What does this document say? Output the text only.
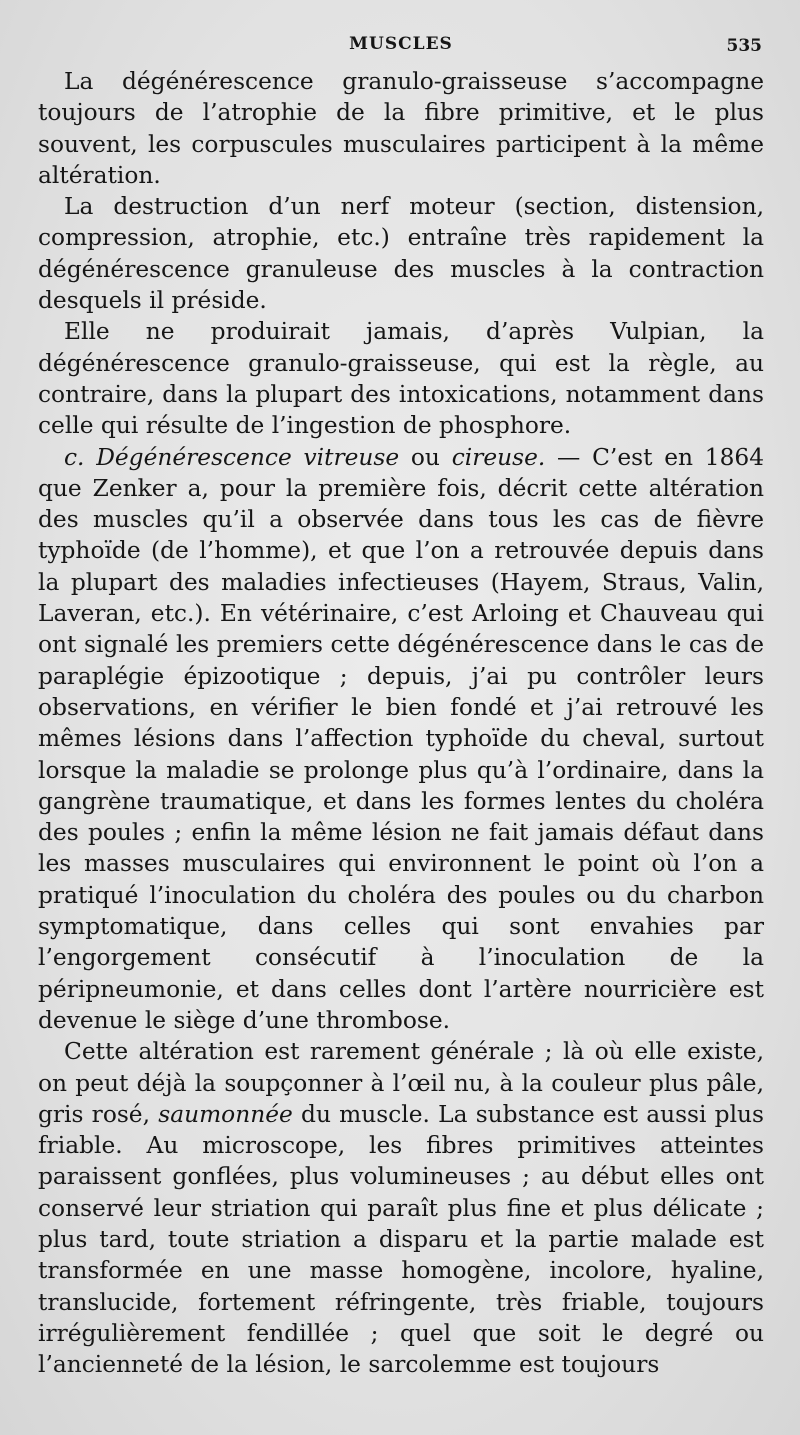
MUSCLES	535

La dégénérescence granulo-graisseuse s’accompagne toujours de l’atrophie de la fibre primitive, et le plus souvent, les corpuscules musculaires participent à la même altération.

La destruction d’un nerf moteur (section, distension, compression, atrophie, etc.) entraîne très rapidement la dégénérescence granuleuse des muscles à la contraction desquels il préside.

Elle ne produirait jamais, d’après Vulpian, la dégénérescence granulo-graisseuse, qui est la règle, au contraire, dans la plupart des intoxications, notamment dans celle qui résulte de l’ingestion de phosphore.

c. Dégénérescence vitreuse ou cireuse. — C’est en 1864 que Zenker a, pour la première fois, décrit cette altération des muscles qu’il a observée dans tous les cas de fièvre typhoïde (de l’homme), et que l’on a retrouvée depuis dans la plupart des maladies infectieuses (Hayem, Straus, Valin, Laveran, etc.). En vétérinaire, c’est Arloing et Chauveau qui ont signalé les premiers cette dégénérescence dans le cas de paraplégie épizootique ; depuis, j’ai pu contrôler leurs observations, en vérifier le bien fondé et j’ai retrouvé les mêmes lésions dans l’affection typhoïde du cheval, surtout lorsque la maladie se prolonge plus qu’à l’ordinaire, dans la gangrène traumatique, et dans les formes lentes du choléra des poules ; enfin la même lésion ne fait jamais défaut dans les masses musculaires qui environnent le point où l’on a pratiqué l’inoculation du choléra des poules ou du charbon symptomatique, dans celles qui sont envahies par l’engorgement consécutif à l’inoculation de la péripneumonie, et dans celles dont l’artère nourricière est devenue le siège d’une thrombose.

Cette altération est rarement générale ; là où elle existe, on peut déjà la soupçonner à l’œil nu, à la couleur plus pâle, gris rosé, saumonnée du muscle. La substance est aussi plus friable. Au microscope, les fibres primitives atteintes paraissent gonflées, plus volumineuses ; au début elles ont conservé leur striation qui paraît plus fine et plus délicate ; plus tard, toute striation a disparu et la partie malade est transformée en une masse homogène, incolore, hyaline, translucide, fortement réfringente, très friable, toujours irrégulièrement fendillée ; quel que soit le degré ou l’ancienneté de la lésion, le sarcolemme est toujours
